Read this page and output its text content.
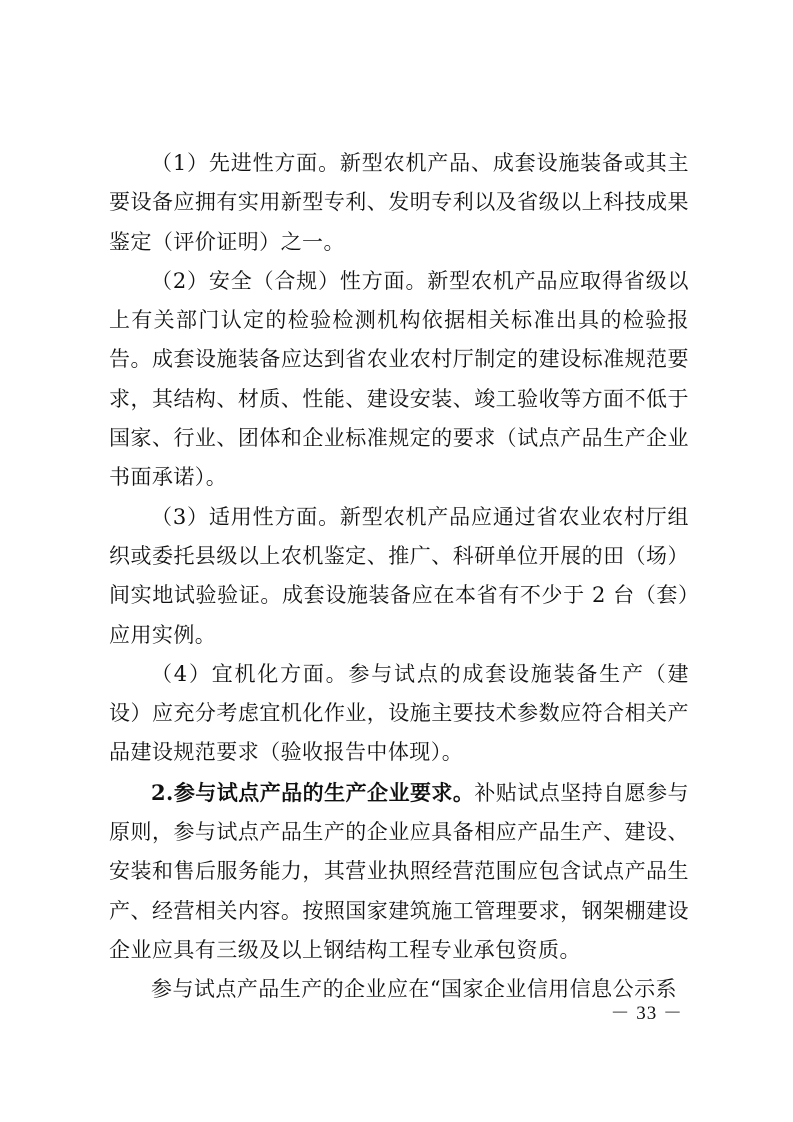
（1）先进性方面。新型农机产品、成套设施装备或其主要设备应拥有实用新型专利、发明专利以及省级以上科技成果鉴定（评价证明）之一。

（2）安全（合规）性方面。新型农机产品应取得省级以上有关部门认定的检验检测机构依据相关标准出具的检验报告。成套设施装备应达到省农业农村厅制定的建设标准规范要求，其结构、材质、性能、建设安装、竣工验收等方面不低于国家、行业、团体和企业标准规定的要求（试点产品生产企业书面承诺）。

（3）适用性方面。新型农机产品应通过省农业农村厅组织或委托县级以上农机鉴定、推广、科研单位开展的田（场）间实地试验验证。成套设施装备应在本省有不少于 2 台（套）应用实例。

（4）宜机化方面。参与试点的成套设施装备生产（建设）应充分考虑宜机化作业，设施主要技术参数应符合相关产品建设规范要求（验收报告中体现）。

2.参与试点产品的生产企业要求。补贴试点坚持自愿参与原则，参与试点产品生产的企业应具备相应产品生产、建设、安装和售后服务能力，其营业执照经营范围应包含试点产品生产、经营相关内容。按照国家建筑施工管理要求，钢架棚建设企业应具有三级及以上钢结构工程专业承包资质。

参与试点产品生产的企业应在“国家企业信用信息公示系

－ 33 －
